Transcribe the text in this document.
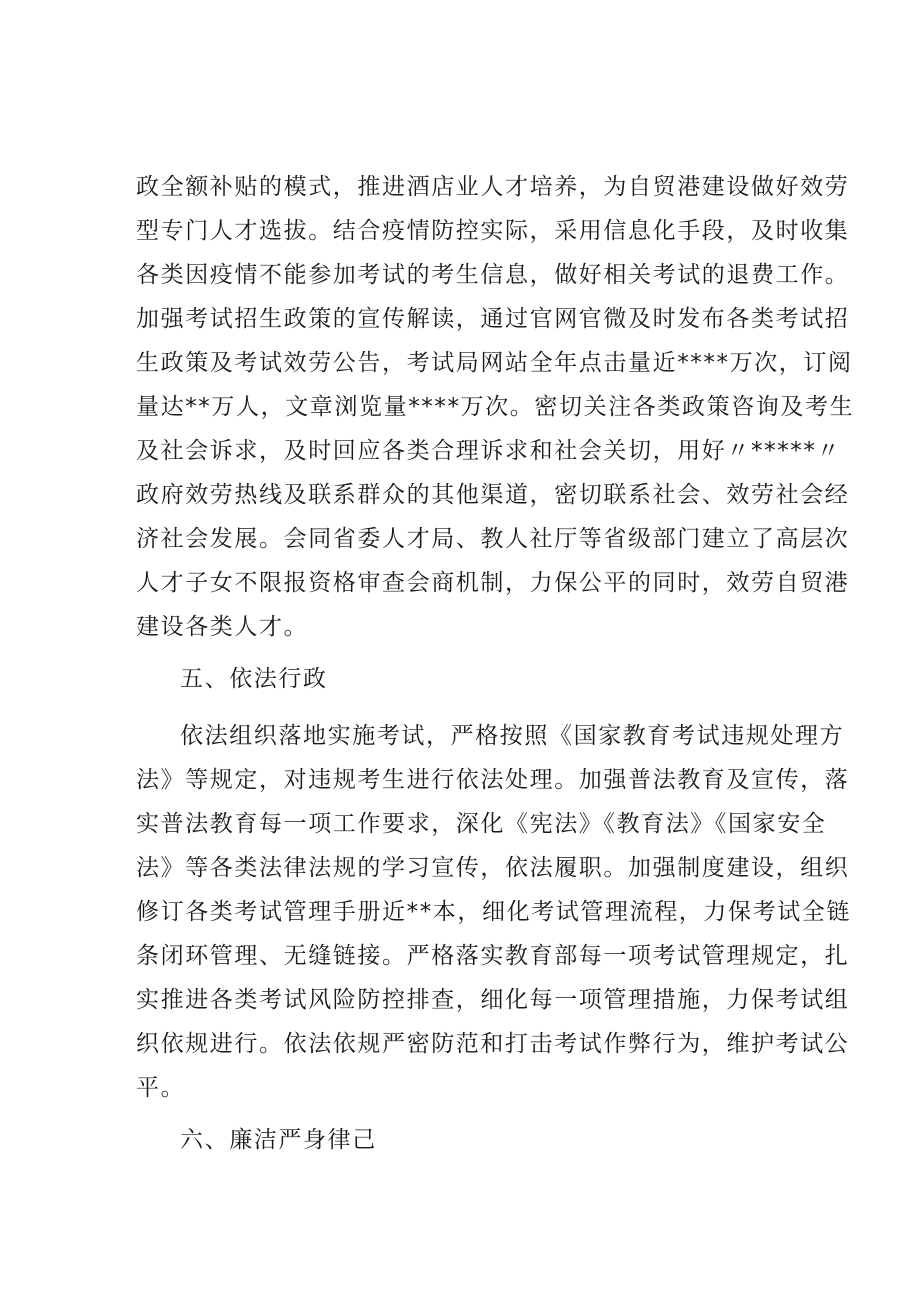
政全额补贴的模式，推进酒店业人才培养，为自贸港建设做好效劳
型专门人才选拔。结合疫情防控实际，采用信息化手段，及时收集
各类因疫情不能参加考试的考生信息，做好相关考试的退费工作。
加强考试招生政策的宣传解读，通过官网官微及时发布各类考试招
生政策及考试效劳公告，考试局网站全年点击量近****万次，订阅
量达**万人，文章浏览量****万次。密切关注各类政策咨询及考生
及社会诉求，及时回应各类合理诉求和社会关切，用好〃*****〃
政府效劳热线及联系群众的其他渠道，密切联系社会、效劳社会经
济社会发展。会同省委人才局、教人社厅等省级部门建立了高层次
人才子女不限报资格审查会商机制，力保公平的同时，效劳自贸港
建设各类人才。
五、依法行政
依法组织落地实施考试，严格按照《国家教育考试违规处理方
法》等规定，对违规考生进行依法处理。加强普法教育及宣传，落
实普法教育每一项工作要求，深化《宪法》《教育法》《国家安全
法》等各类法律法规的学习宣传，依法履职。加强制度建设，组织
修订各类考试管理手册近**本，细化考试管理流程，力保考试全链
条闭环管理、无缝链接。严格落实教育部每一项考试管理规定，扎
实推进各类考试风险防控排查，细化每一项管理措施，力保考试组
织依规进行。依法依规严密防范和打击考试作弊行为，维护考试公
平。
六、廉洁严身律己
